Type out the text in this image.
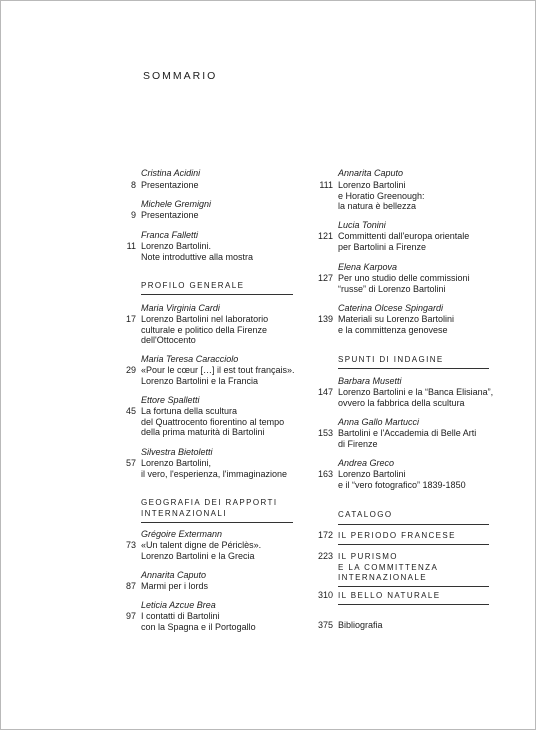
SOMMARIO
Cristina Acidini
8 Presentazione
Michele Gremigni
9 Presentazione
Franca Falletti
11 Lorenzo Bartolini.
Note introduttive alla mostra
PROFILO GENERALE
Maria Virginia Cardi
17 Lorenzo Bartolini nel laboratorio
culturale e politico della Firenze
dell'Ottocento
Maria Teresa Caracciolo
29 «Pour le cœur […] il est tout français».
Lorenzo Bartolini e la Francia
Ettore Spalletti
45 La fortuna della scultura
del Quattrocento fiorentino al tempo
della prima maturità di Bartolini
Silvestra Bietoletti
57 Lorenzo Bartolini,
il vero, l'esperienza, l'immaginazione
GEOGRAFIA DEI RAPPORTI
INTERNAZIONALI
Grégoire Extermann
73 «Un talent digne de Périclès».
Lorenzo Bartolini e la Grecia
Annarita Caputo
87 Marmi per i lords
Leticia Azcue Brea
97 I contatti di Bartolini
con la Spagna e il Portogallo
Annarita Caputo
111 Lorenzo Bartolini
e Horatio Greenough:
la natura è bellezza
Lucia Tonini
121 Committenti dall'europa orientale
per Bartolini a Firenze
Elena Karpova
127 Per uno studio delle commissioni
“russe” di Lorenzo Bartolini
Caterina Olcese Spingardi
139 Materiali su Lorenzo Bartolini
e la committenza genovese
SPUNTI DI INDAGINE
Barbara Musetti
147 Lorenzo Bartolini e la “Banca Elisiana”,
ovvero la fabbrica della scultura
Anna Gallo Martucci
153 Bartolini e l'Accademia di Belle Arti
di Firenze
Andrea Greco
163 Lorenzo Bartolini
e il “vero fotografico” 1839-1850
CATALOGO
172 IL PERIODO FRANCESE
223 IL PURISMO
E LA COMMITTENZA
INTERNAZIONALE
310 IL BELLO NATURALE
375 Bibliografia
